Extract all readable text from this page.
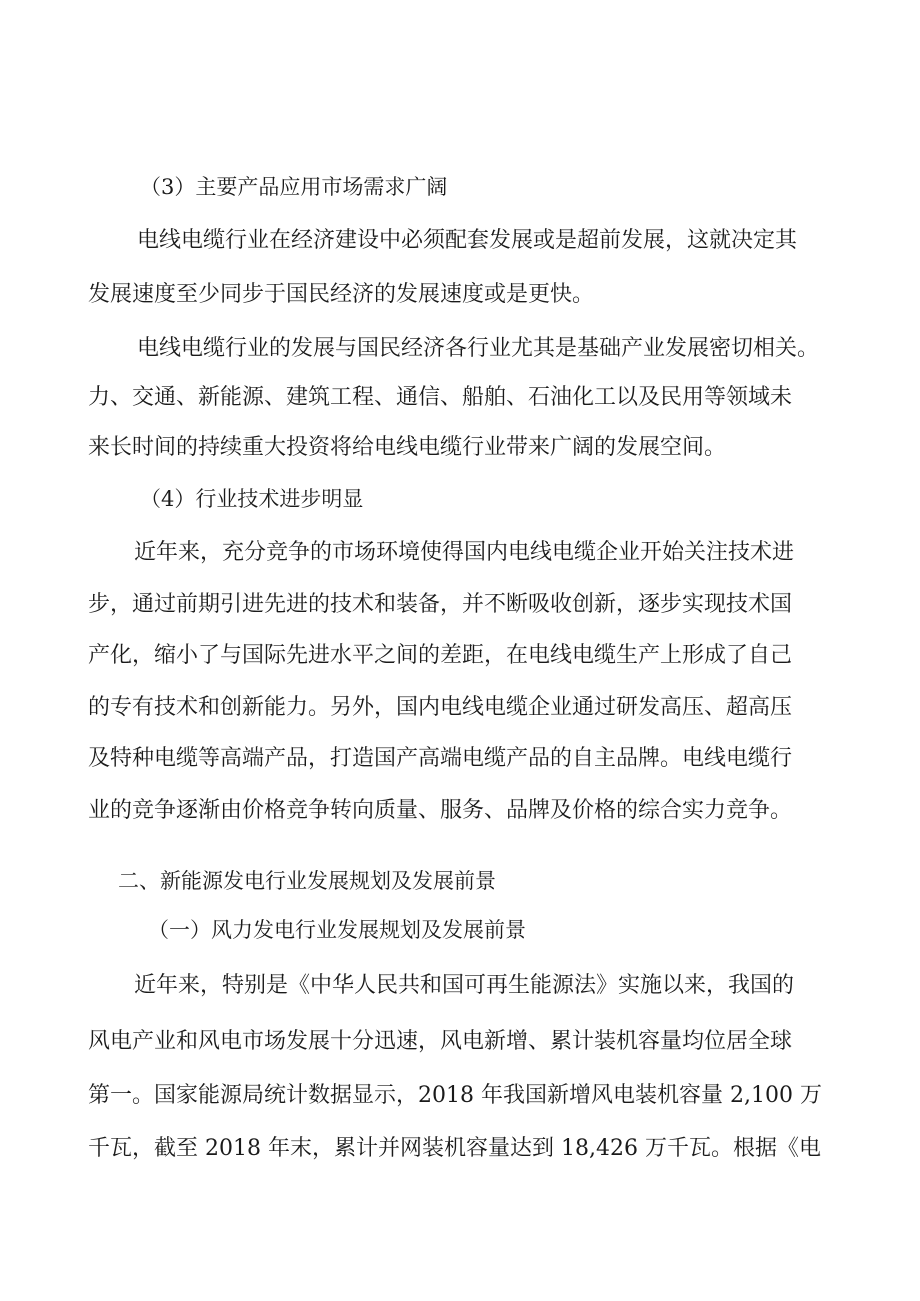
（3）主要产品应用市场需求广阔
电线电缆行业在经济建设中必须配套发展或是超前发展，这就决定其
发展速度至少同步于国民经济的发展速度或是更快。
电线电缆行业的发展与国民经济各行业尤其是基础产业发展密切相关。
力、交通、新能源、建筑工程、通信、船舶、石油化工以及民用等领域未
来长时间的持续重大投资将给电线电缆行业带来广阔的发展空间。
（4）行业技术进步明显
近年来，充分竞争的市场环境使得国内电线电缆企业开始关注技术进
步，通过前期引进先进的技术和装备，并不断吸收创新，逐步实现技术国
产化，缩小了与国际先进水平之间的差距，在电线电缆生产上形成了自己
的专有技术和创新能力。另外，国内电线电缆企业通过研发高压、超高压
及特种电缆等高端产品，打造国产高端电缆产品的自主品牌。电线电缆行
业的竞争逐渐由价格竞争转向质量、服务、品牌及价格的综合实力竞争。
二、新能源发电行业发展规划及发展前景
（一）风力发电行业发展规划及发展前景
近年来，特别是《中华人民共和国可再生能源法》实施以来，我国的
风电产业和风电市场发展十分迅速，风电新增、累计装机容量均位居全球
第一。国家能源局统计数据显示，2018 年我国新增风电装机容量 2,100 万
千瓦，截至 2018 年末，累计并网装机容量达到 18,426 万千瓦。根据《电
